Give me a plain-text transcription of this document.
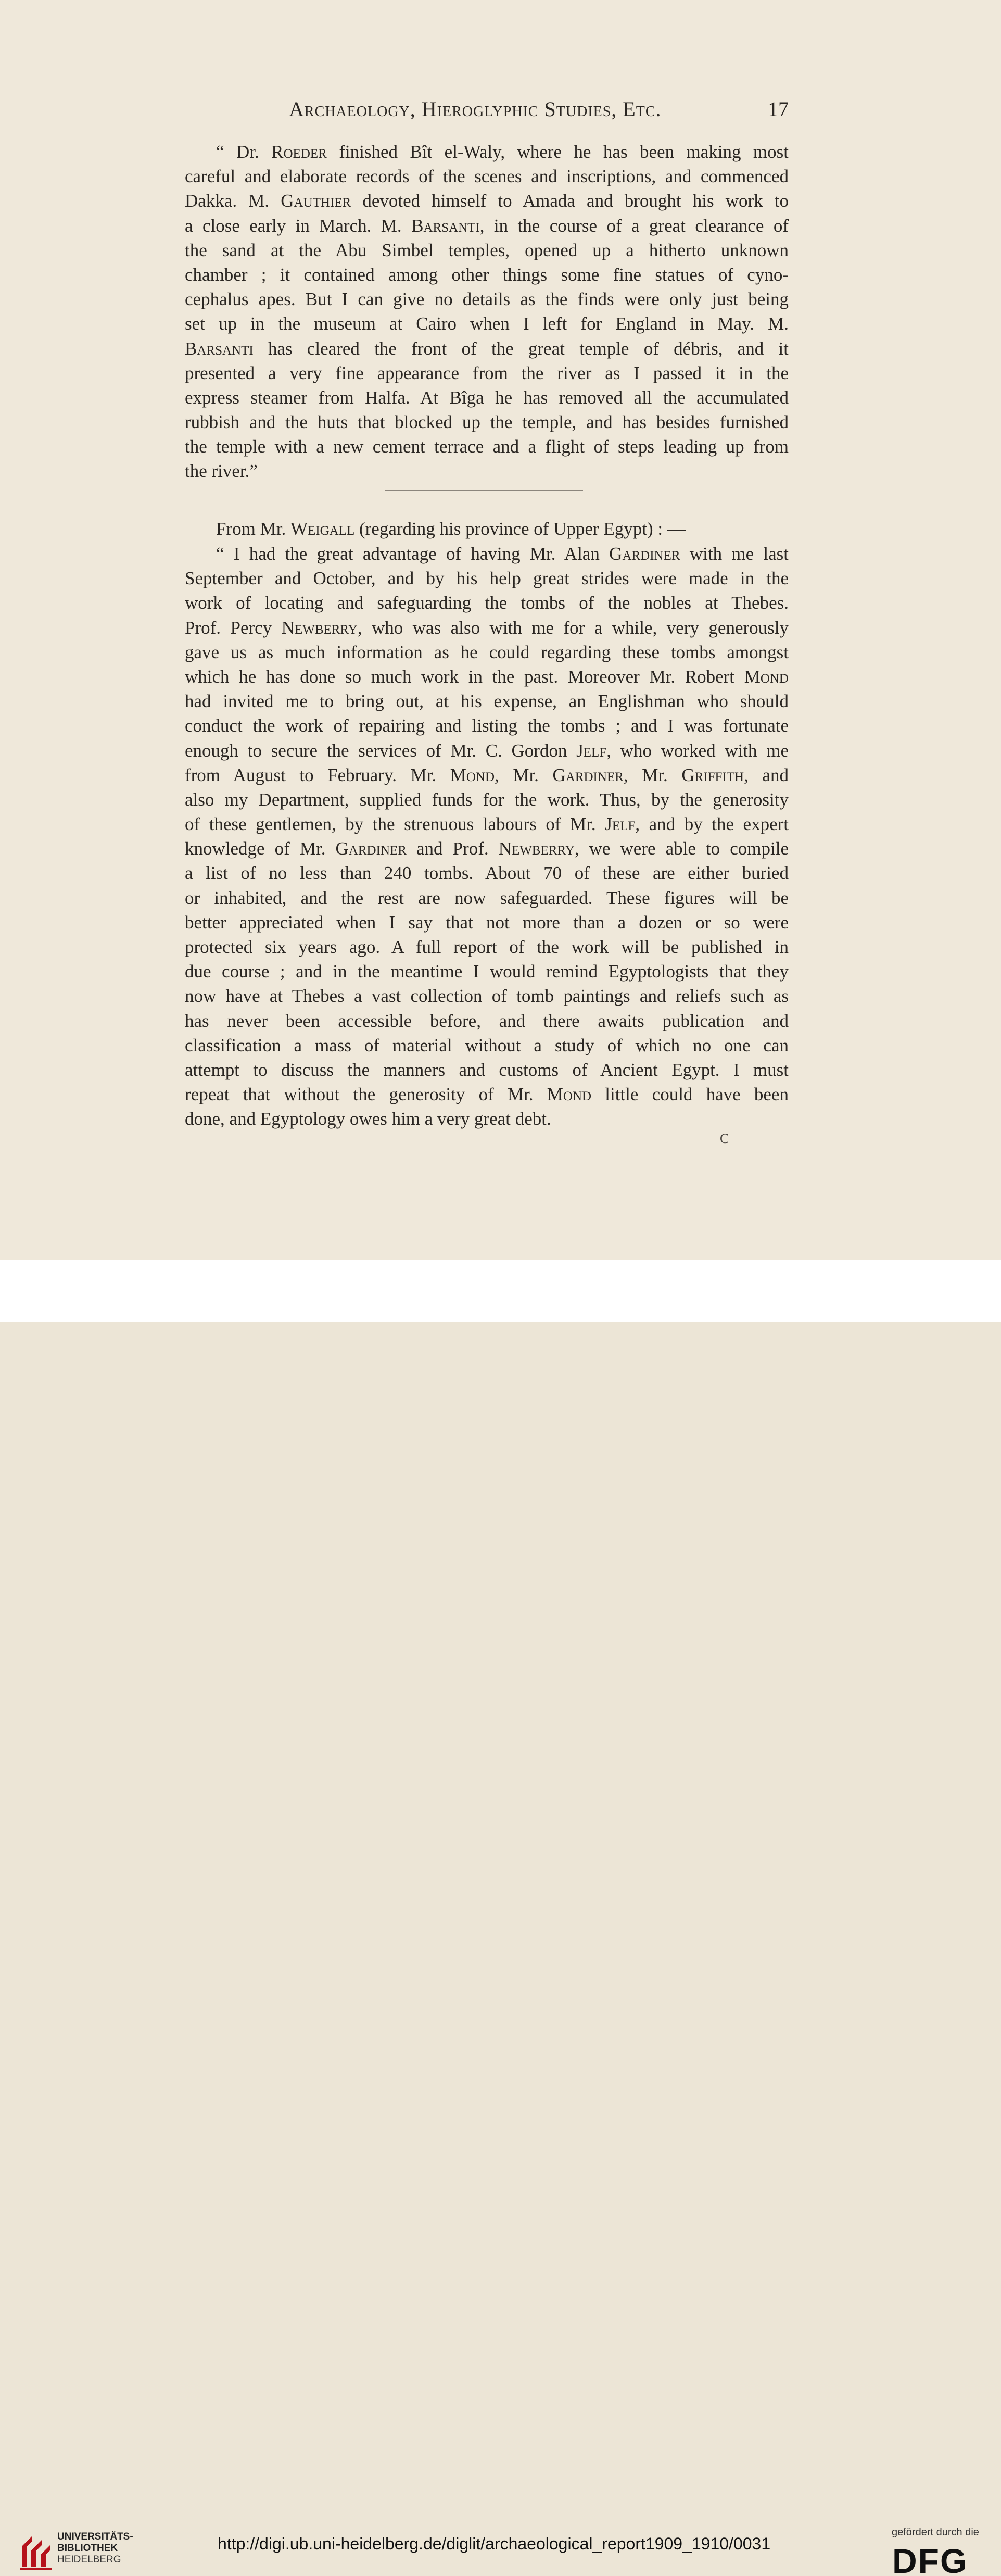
Archaeology, Hieroglyphic Studies, Etc.	17
“ Dr. Roeder finished Bît el-Waly, where he has been making most
careful and elaborate records of the scenes and inscriptions, and commenced
Dakka. M. Gauthier devoted himself to Amada and brought his work to
a close early in March. M. Barsanti, in the course of a great clearance of
the sand at the Abu Simbel temples, opened up a hitherto unknown
chamber ; it contained among other things some fine statues of cyno-
cephalus apes. But I can give no details as the finds were only just being
set up in the museum at Cairo when I left for England in May. M.
Barsanti has cleared the front of the great temple of débris, and it
presented a very fine appearance from the river as I passed it in the
express steamer from Halfa. At Bîga he has removed all the accumulated
rubbish and the huts that blocked up the temple, and has besides furnished
the temple with a new cement terrace and a flight of steps leading up from
the river.”
From Mr. Weigall (regarding his province of Upper Egypt) : —
“ I had the great advantage of having Mr. Alan Gardiner with me last
September and October, and by his help great strides were made in the
work of locating and safeguarding the tombs of the nobles at Thebes.
Prof. Percy Newberry, who was also with me for a while, very generously
gave us as much information as he could regarding these tombs amongst
which he has done so much work in the past. Moreover Mr. Robert Mond
had invited me to bring out, at his expense, an Englishman who should
conduct the work of repairing and listing the tombs ; and I was fortunate
enough to secure the services of Mr. C. Gordon Jelf, who worked with me
from August to February. Mr. Mond, Mr. Gardiner, Mr. Griffith, and
also my Department, supplied funds for the work. Thus, by the generosity
of these gentlemen, by the strenuous labours of Mr. Jelf, and by the expert
knowledge of Mr. Gardiner and Prof. Newberry, we were able to compile
a list of no less than 240 tombs. About 70 of these are either buried
or inhabited, and the rest are now safeguarded. These figures will be
better appreciated when I say that not more than a dozen or so were
protected six years ago. A full report of the work will be published in
due course ; and in the meantime I would remind Egyptologists that they
now have at Thebes a vast collection of tomb paintings and reliefs such as
has never been accessible before, and there awaits publication and
classification a mass of material without a study of which no one can
attempt to discuss the manners and customs of Ancient Egypt. I must
repeat that without the generosity of Mr. Mond little could have been
done, and Egyptology owes him a very great debt.
C
UNIVERSITÄTS-
BIBLIOTHEK
HEIDELBERG
http://digi.ub.uni-heidelberg.de/diglit/archaeological_report1909_1910/0031
gefördert durch die
DFG
